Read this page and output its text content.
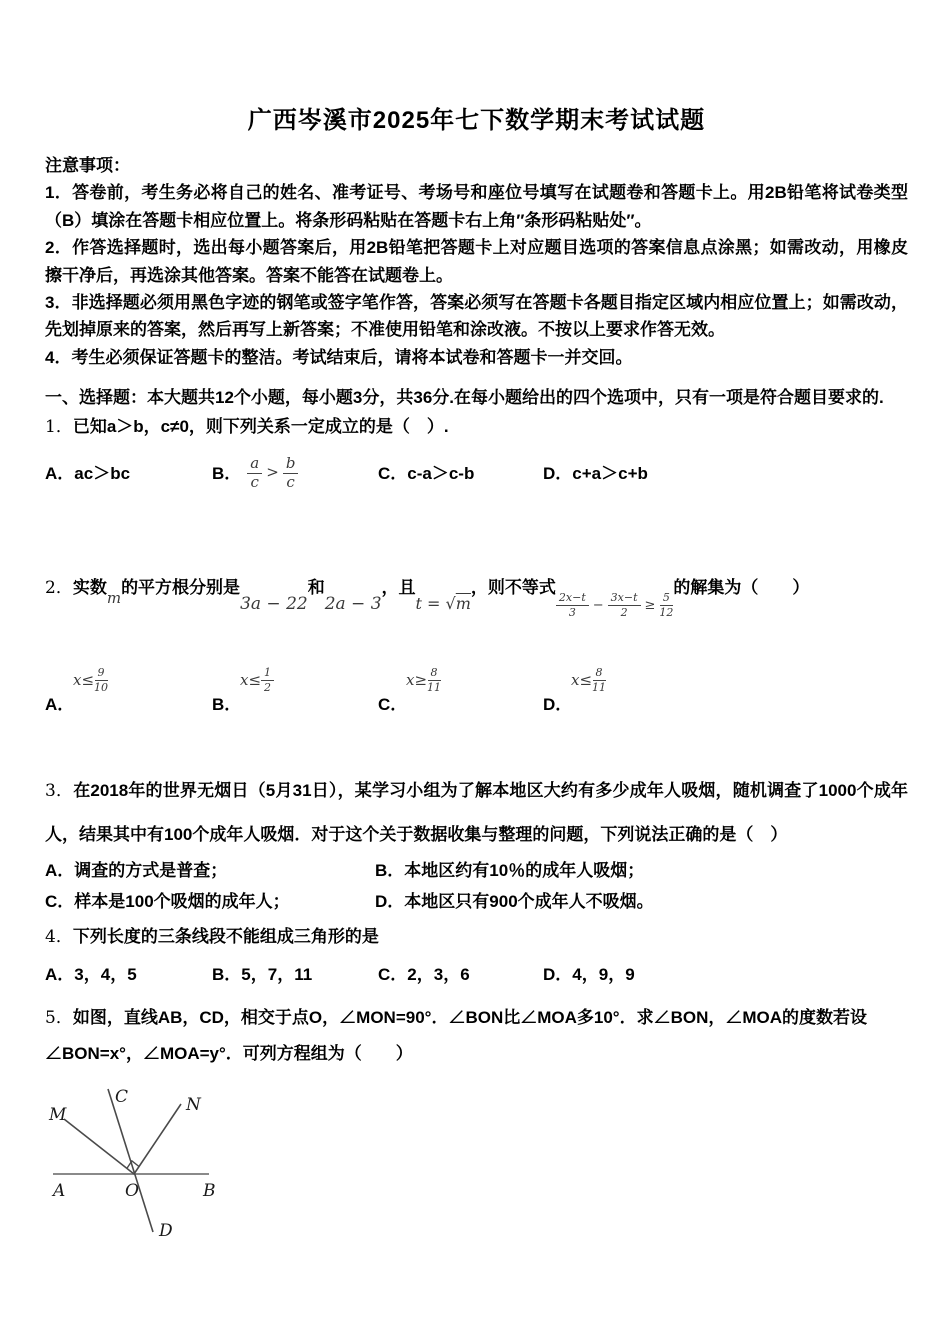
广西岑溪市2025年七下数学期末考试试题

注意事项：

1．答卷前，考生务必将自己的姓名、准考证号、考场号和座位号填写在试题卷和答题卡上。用2B铅笔将试卷类型（B）填涂在答题卡相应位置上。将条形码粘贴在答题卡右上角″条形码粘贴处″。

2．作答选择题时，选出每小题答案后，用2B铅笔把答题卡上对应题目选项的答案信息点涂黑；如需改动，用橡皮擦干净后，再选涂其他答案。答案不能答在试题卷上。

3．非选择题必须用黑色字迹的钢笔或签字笔作答，答案必须写在答题卡各题目指定区域内相应位置上；如需改动，先划掉原来的答案，然后再写上新答案；不准使用铅笔和涂改液。不按以上要求作答无效。

4．考生必须保证答题卡的整洁。考试结束后，请将本试卷和答题卡一并交回。

一、选择题：本大题共12个小题，每小题3分，共36分.在每小题给出的四个选项中，只有一项是符合题目要求的.

1．已知a＞b，c≠0，则下列关系一定成立的是（　）.

A．ac＞bc	B． $\frac{a}{c} > \frac{b}{c}$	C．c-a＞c-b	D．c+a＞c+b
2．实数m的平方根分别是3a − 22和2a − 3，且t = √m，则不等式
$\frac{2x-t}{3} - \frac{3x-t}{2} \ge \frac{5}{12}$
的解集为（　　）
$x \le \frac{9}{10}$
A．
$x \le \frac{1}{2}$
B．
$x \ge \frac{8}{11}$
C．
$x \le \frac{8}{11}$
D．

3．在2018年的世界无烟日（5月31日），某学习小组为了解本地区大约有多少成年人吸烟，随机调查了1000个成年人，结果其中有100个成年人吸烟．对于这个关于数据收集与整理的问题，下列说法正确的是（　）

A．调查的方式是普查；	B．本地区约有10％的成年人吸烟；
C．样本是100个吸烟的成年人；	D．本地区只有900个成年人不吸烟。

4．下列长度的三条线段不能组成三角形的是

A．3，4，5	B．5，7，11	C．2，3，6	D．4，9，9

5．如图，直线AB，CD，相交于点O，∠MON=90°．∠BON比∠MOA多10°．求∠BON，∠MOA的度数若设∠BON=x°，∠MOA=y°．可列方程组为（　　）

M
C	N
A	O	B
D
